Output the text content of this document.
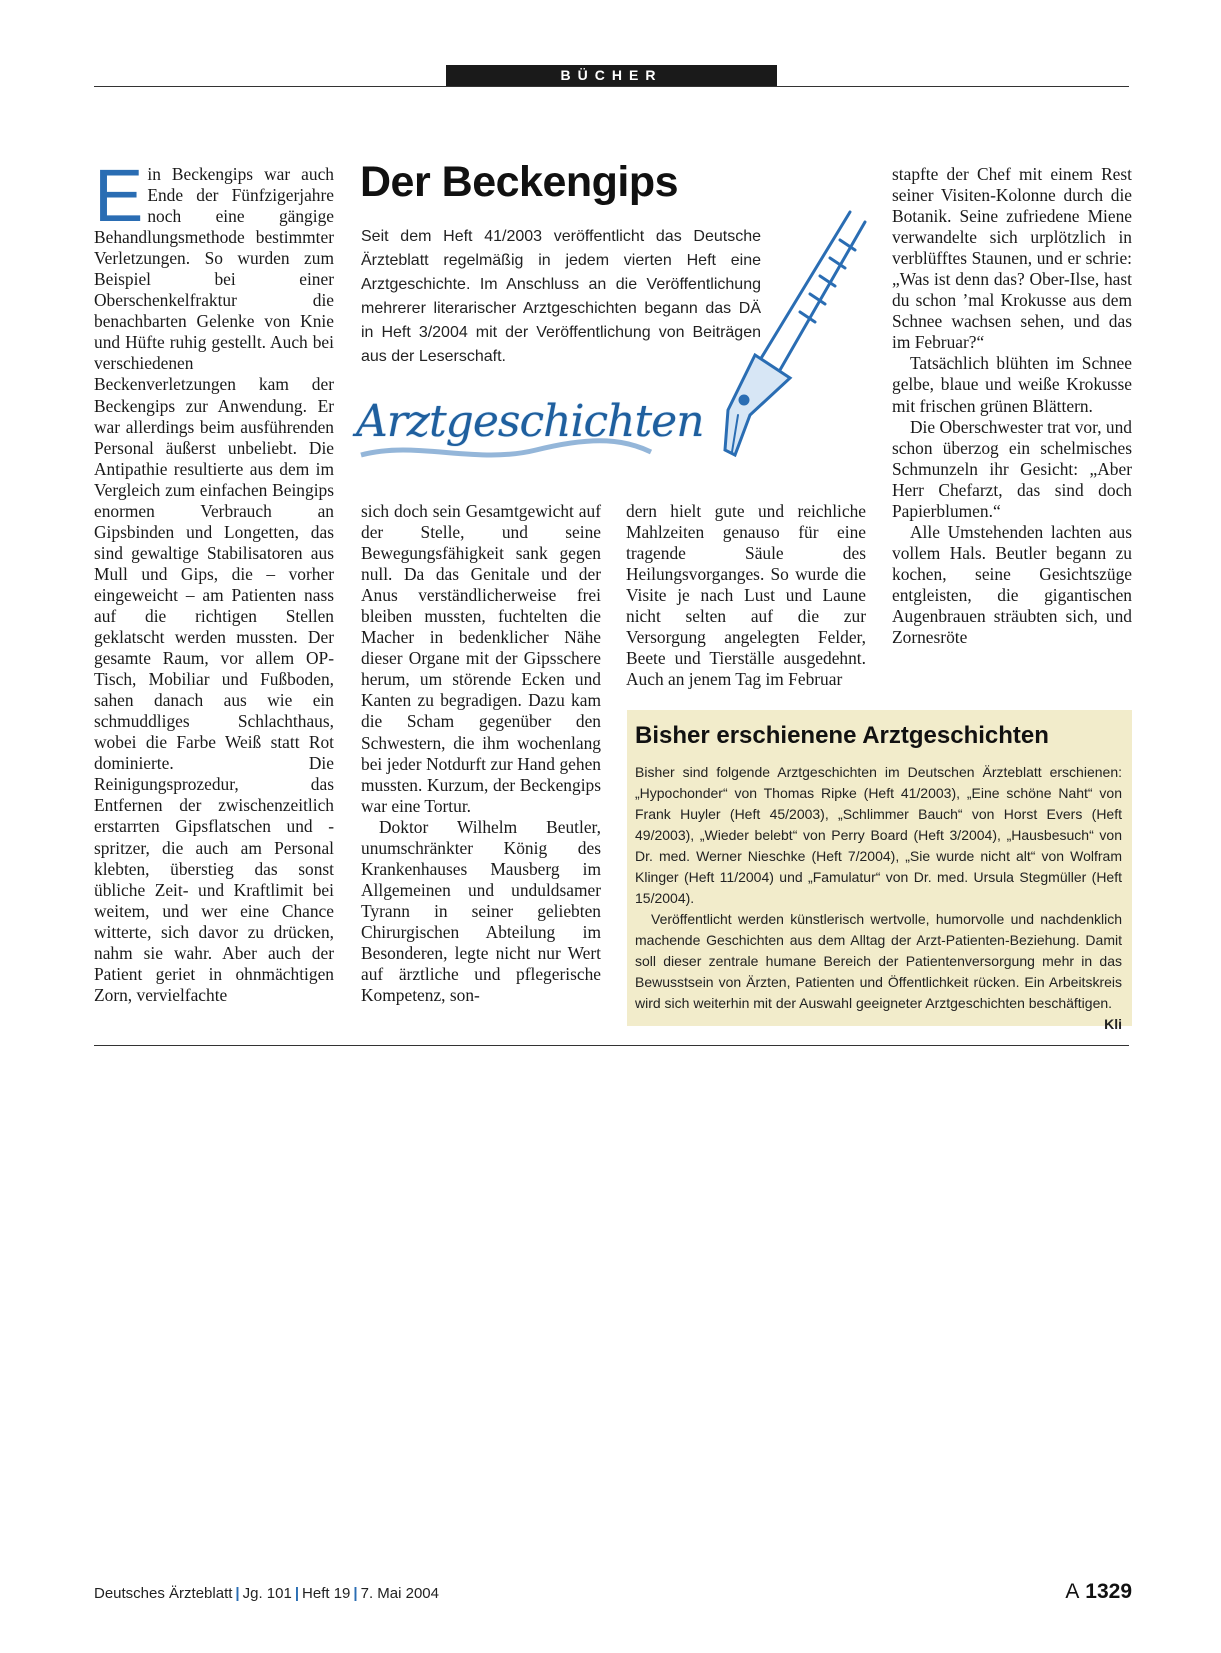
BÜCHER
E in Beckengips war auch Ende der Fünfzigerjahre noch eine gängige Behandlungsmethode bestimmter Verletzungen. So wurden zum Beispiel bei einer Oberschenkelfraktur die benachbarten Gelenke von Knie und Hüfte ruhig gestellt. Auch bei verschiedenen Beckenverletzungen kam der Beckengips zur Anwendung. Er war allerdings beim ausführenden Personal äußerst unbeliebt. Die Antipathie resultierte aus dem im Vergleich zum einfachen Beingips enormen Verbrauch an Gipsbinden und Longetten, das sind gewaltige Stabilisatoren aus Mull und Gips, die – vorher eingeweicht – am Patienten nass auf die richtigen Stellen geklatscht werden mussten. Der gesamte Raum, vor allem OP-Tisch, Mobiliar und Fußboden, sahen danach aus wie ein schmuddliges Schlachthaus, wobei die Farbe Weiß statt Rot dominierte. Die Reinigungsprozedur, das Entfernen der zwischenzeitlich erstarrten Gipsflatschen und -spritzer, die auch am Personal klebten, überstieg das sonst übliche Zeit- und Kraftlimit bei weitem, und wer eine Chance witterte, sich davor zu drücken, nahm sie wahr. Aber auch der Patient geriet in ohnmächtigen Zorn, vervielfachte

Der Beckengips
Seit dem Heft 41/2003 veröffentlicht das Deutsche Ärzteblatt regelmäßig in jedem vierten Heft eine Arztgeschichte. Im Anschluss an die Veröffentlichung mehrerer literarischer Arztgeschichten begann das DÄ in Heft 3/2004 mit der Veröffentlichung von Beiträgen aus der Leserschaft.
Arztgeschichten

sich doch sein Gesamtgewicht auf der Stelle, und seine Bewegungsfähigkeit sank gegen null. Da das Genitale und der Anus verständlicherweise frei bleiben mussten, fuchtelten die Macher in bedenklicher Nähe dieser Organe mit der Gipsschere herum, um störende Ecken und Kanten zu begradigen. Dazu kam die Scham gegenüber den Schwestern, die ihm wochenlang bei jeder Notdurft zur Hand gehen mussten. Kurzum, der Beckengips war eine Tortur.

Doktor Wilhelm Beutler, unumschränkter König des Krankenhauses Mausberg im Allgemeinen und unduldsamer Tyrann in seiner geliebten Chirurgischen Abteilung im Besonderen, legte nicht nur Wert auf ärztliche und pflegerische Kompetenz, son-

dern hielt gute und reichliche Mahlzeiten genauso für eine tragende Säule des Heilungsvorganges. So wurde die Visite je nach Lust und Laune nicht selten auf die zur Versorgung angelegten Felder, Beete und Tierställe ausgedehnt. Auch an jenem Tag im Februar

stapfte der Chef mit einem Rest seiner Visiten-Kolonne durch die Botanik. Seine zufriedene Miene verwandelte sich urplötzlich in verblüfftes Staunen, und er schrie: „Was ist denn das? Ober-Ilse, hast du schon ’mal Krokusse aus dem Schnee wachsen sehen, und das im Februar?“

Tatsächlich blühten im Schnee gelbe, blaue und weiße Krokusse mit frischen grünen Blättern.

Die Oberschwester trat vor, und schon überzog ein schelmisches Schmunzeln ihr Gesicht: „Aber Herr Chefarzt, das sind doch Papierblumen.“

Alle Umstehenden lachten aus vollem Hals. Beutler begann zu kochen, seine Gesichtszüge entgleisten, die gigantischen Augenbrauen sträubten sich, und Zornesröte

Bisher erschienene Arztgeschichten

Bisher sind folgende Arztgeschichten im Deutschen Ärzteblatt erschienen: „Hypochonder“ von Thomas Ripke (Heft 41/2003), „Eine schöne Naht“ von Frank Huyler (Heft 45/2003), „Schlimmer Bauch“ von Horst Evers (Heft 49/2003), „Wieder belebt“ von Perry Board (Heft 3/2004), „Hausbesuch“ von Dr. med. Werner Nieschke (Heft 7/2004), „Sie wurde nicht alt“ von Wolfram Klinger (Heft 11/2004) und „Famulatur“ von Dr. med. Ursula Stegmüller (Heft 15/2004).

Veröffentlicht werden künstlerisch wertvolle, humorvolle und nachdenklich machende Geschichten aus dem Alltag der Arzt-Patienten-Beziehung. Damit soll dieser zentrale humane Bereich der Patientenversorgung mehr in das Bewusstsein von Ärzten, Patienten und Öffentlichkeit rücken. Ein Arbeitskreis wird sich weiterhin mit der Auswahl geeigneter Arztgeschichten beschäftigen.
Kli

Deutsches Ärzteblatt | Jg. 101 | Heft 19 | 7. Mai 2004	A 1329
